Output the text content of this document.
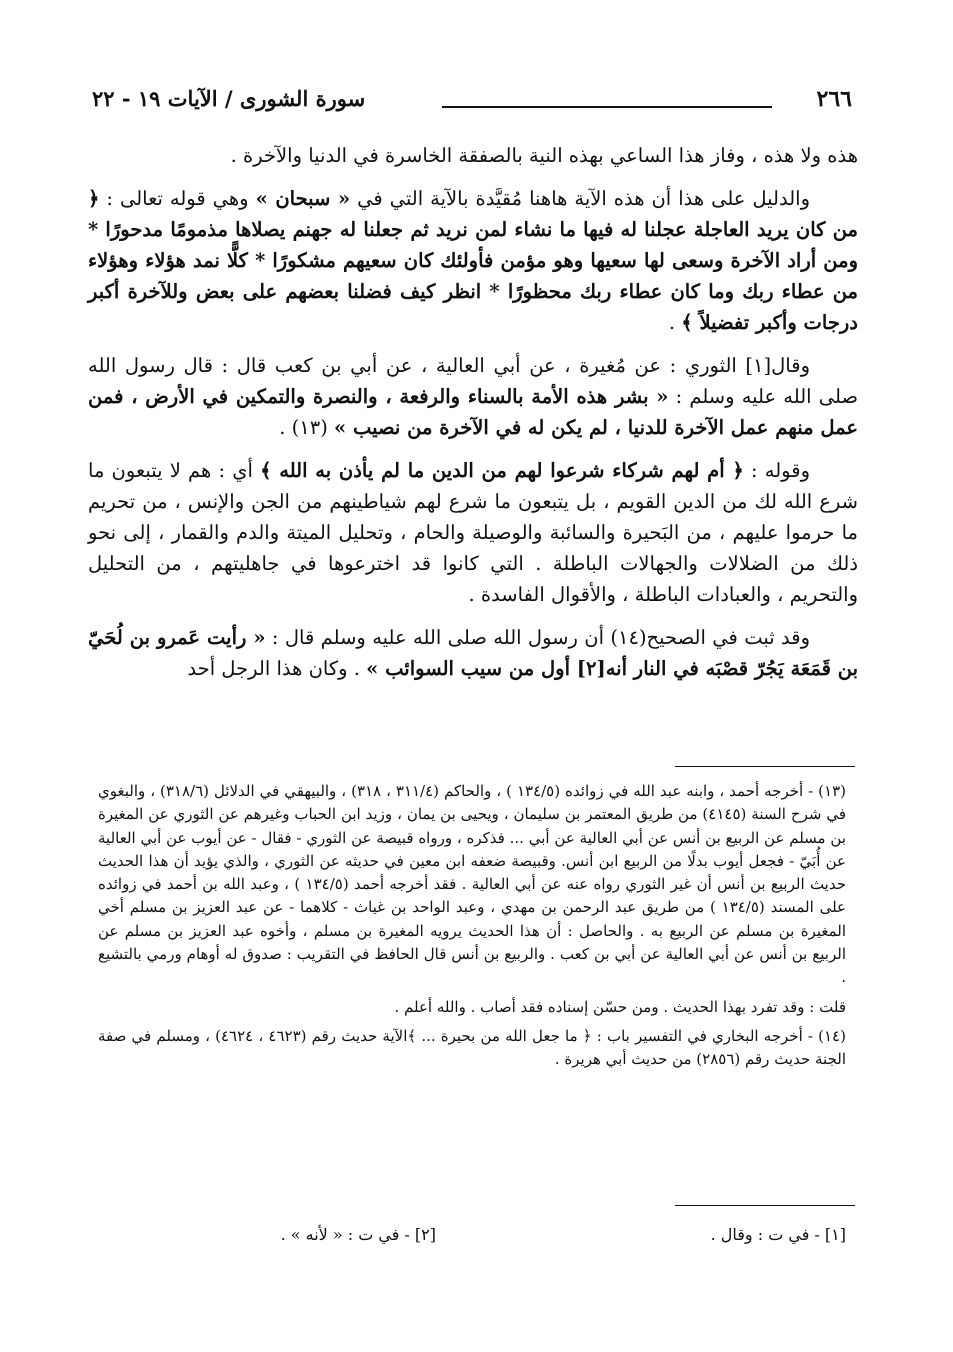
٢٦٦
سورة الشورى / الآيات ١٩ - ٢٢

هذه ولا هذه ، وفاز هذا الساعي بهذه النية بالصفقة الخاسرة في الدنيا والآخرة .

والدليل على هذا أن هذه الآية هاهنا مُقيَّدة بالآية التي في « سبحان » وهي قوله تعالى : ﴿ من كان يريد العاجلة عجلنا له فيها ما نشاء لمن نريد ثم جعلنا له جهنم يصلاها مذمومًا مدحورًا * ومن أراد الآخرة وسعى لها سعيها وهو مؤمن فأولئك كان سعيهم مشكورًا * كلًّا نمد هؤلاء وهؤلاء من عطاء ربك وما كان عطاء ربك محظورًا * انظر كيف فضلنا بعضهم على بعض وللآخرة أكبر درجات وأكبر تفضيلاً ﴾ .

وقال[١] الثوري : عن مُغيرة ، عن أبي العالية ، عن أبي بن كعب قال : قال رسول الله صلى الله عليه وسلم : « بشر هذه الأمة بالسناء والرفعة ، والنصرة والتمكين في الأرض ، فمن عمل منهم عمل الآخرة للدنيا ، لم يكن له في الآخرة من نصيب » (١٣) .

وقوله : ﴿ أم لهم شركاء شرعوا لهم من الدين ما لم يأذن به الله ﴾ أي : هم لا يتبعون ما شرع الله لك من الدين القويم ، بل يتبعون ما شرع لهم شياطينهم من الجن والإنس ، من تحريم ما حرموا عليهم ، من البَحيرة والسائبة والوصيلة والحام ، وتحليل الميتة والدم والقمار ، إلى نحو ذلك من الضلالات والجهالات الباطلة . التي كانوا قد اخترعوها في جاهليتهم ، من التحليل والتحريم ، والعبادات الباطلة ، والأقوال الفاسدة .

وقد ثبت في الصحيح(١٤) أن رسول الله صلى الله عليه وسلم قال : « رأيت عَمرو بن لُحَيّ بن قَمَعَة يَجُرّ قصْبَه في النار أنه[٢] أول من سيب السوائب » . وكان هذا الرجل أحد

(١٣) - أخرجه أحمد ، وابنه عبد الله في زوائده (١٣٤/٥ ) ، والحاكم (٣١١/٤ ، ٣١٨) ، والبيهقي في الدلائل (٣١٨/٦) ، والبغوي في شرح السنة (٤١٤٥) من طريق المعتمر بن سليمان ، ويحيى بن يمان ، وزيد ابن الحباب وغيرهم عن الثوري عن المغيرة بن مسلم عن الربيع بن أنس عن أبي العالية عن أبي ... فذكره ، ورواه قبيصة عن الثوري - فقال - عن أيوب عن أبي العالية عن أُبَيّ - فجعل أيوب بدلًا من الربيع ابن أنس. وقبيصة ضعفه ابن معين في حديثه عن الثوري ، والذي يؤيد أن هذا الحديث حديث الربيع بن أنس أن غير الثوري رواه عنه عن أبي العالية . فقد أخرجه أحمد (١٣٤/٥ ) ، وعبد الله بن أحمد في زوائده على المسند (١٣٤/٥ ) من طريق عبد الرحمن بن مهدي ، وعبد الواحد بن غياث - كلاهما - عن عبد العزيز بن مسلم أخي المغيرة بن مسلم عن الربيع به . والحاصل : أن هذا الحديث يرويه المغيرة بن مسلم ، وأخوه عبد العزيز بن مسلم عن الربيع بن أنس عن أبي العالية عن أبي بن كعب . والربيع بن أنس قال الحافظ في التقريب : صدوق له أوهام ورمي بالتشيع .

قلت : وقد تفرد بهذا الحديث . ومن حسّن إسناده فقد أصاب . والله أعلم .

(١٤) - أخرجه البخاري في التفسير باب : ﴿ ما جعل الله من بحيرة ... ﴾الآية حديث رقم (٤٦٢٣ ، ٤٦٢٤) ، ومسلم في صفة الجنة حديث رقم (٢٨٥٦) من حديث أبي هريرة .

[١] - في ت : وقال .
[٢] - في ت : « لأنه » .
